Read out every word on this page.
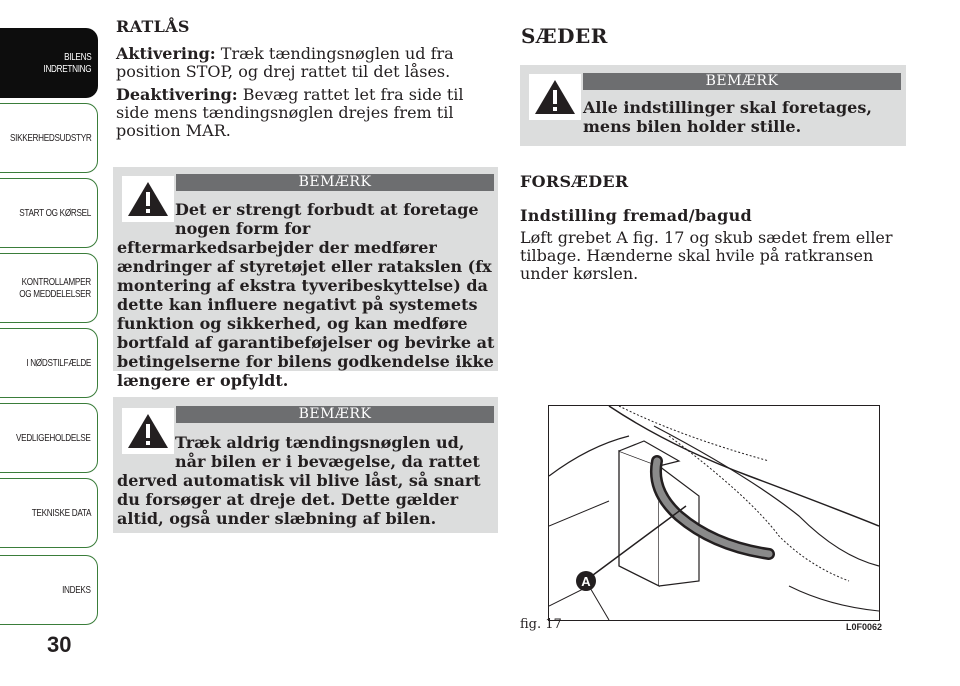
BILENS
INDRETNING
SIKKERHEDSUDSTYR
START OG KØRSEL
KONTROLLAMPER
OG MEDDELELSER
I NØDSTILFÆLDE
VEDLIGEHOLDELSE
TEKNISKE DATA
INDEKS
30

RATLÅS

Aktivering: Træk tændingsnøglen ud fra position STOP, og drej rattet til det låses.

Deaktivering: Bevæg rattet let fra side til side mens tændingsnøglen drejes frem til position MAR.

BEMÆRK
Det er strengt forbudt at foretage nogen form for eftermarkedsarbejder der medfører ændringer af styretøjet eller ratakslen (fx montering af ekstra tyveribeskyttelse) da dette kan influere negativt på systemets funktion og sikkerhed, og kan medføre bortfald af garantibeføjelser og bevirke at betingelserne for bilens godkendelse ikke længere er opfyldt.
BEMÆRK
Træk aldrig tændingsnøglen ud, når bilen er i bevægelse, da rattet derved automatisk vil blive låst, så snart du forsøger at dreje det. Dette gælder altid, også under slæbning af bilen.
SÆDER
BEMÆRK
Alle indstillinger skal foretages, mens bilen holder stille.

FORSÆDER

Indstilling fremad/bagud

Løft grebet A fig. 17 og skub sædet frem eller tilbage. Hænderne skal hvile på ratkransen under kørslen.

A
fig. 17	L0F0062
